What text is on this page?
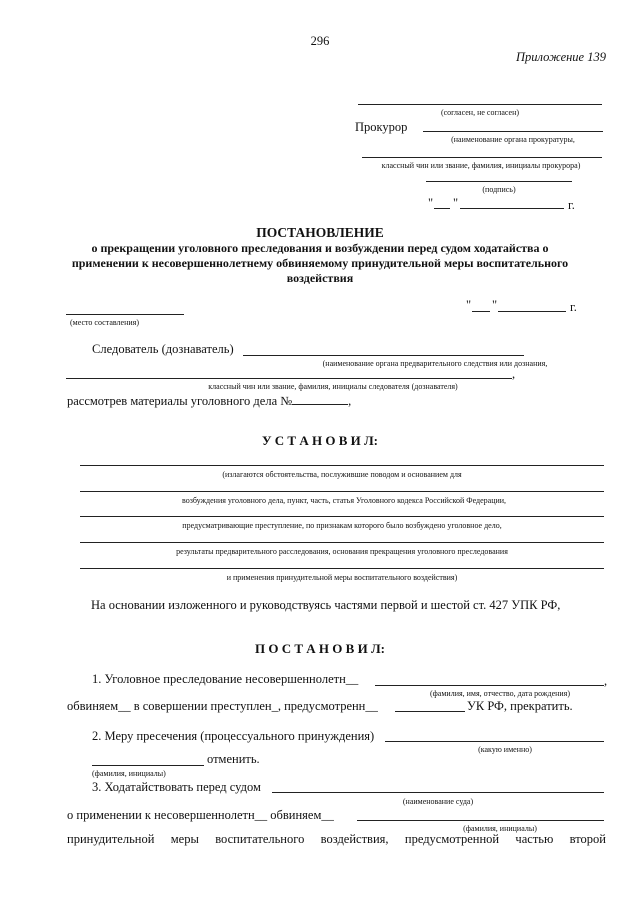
296
Приложение 139
(согласен, не согласен)
Прокурор
(наименование органа прокуратуры,
классный чин или звание, фамилия, инициалы прокурора)
(подпись)
" "	г.
ПОСТАНОВЛЕНИЕ
о прекращении уголовного преследования и возбуждении перед судом ходатайства о
применении к несовершеннолетнему обвиняемому принудительной меры воспитательного
воздействия
(место составления)
" "	г.
Следователь (дознаватель)
(наименование органа предварительного следствия или дознания,
,
классный чин или звание, фамилия, инициалы следователя (дознавателя)
рассмотрев материалы уголовного дела №	,
У С Т А Н О В И Л:
(излагаются обстоятельства, послужившие поводом и основанием для
возбуждения уголовного дела, пункт, часть, статья Уголовного кодекса Российской Федерации,
предусматривающие преступление, по признакам которого было возбуждено уголовное дело,
результаты предварительного расследования, основания прекращения уголовного преследования
и применения принудительной меры воспитательного воздействия)
На основании изложенного и руководствуясь частями первой и шестой ст. 427 УПК РФ,
П О С Т А Н О В И Л:
1. Уголовное преследование несовершеннолетн__	,
(фамилия, имя, отчество, дата рождения)
обвиняем__ в совершении преступлен_, предусмотренн__	УК РФ, прекратить.
2. Меру пресечения (процессуального принуждения)
(какую именно)
отменить.
(фамилия, инициалы)
3. Ходатайствовать перед судом
(наименование суда)
о применении к несовершеннолетн__ обвиняем__
(фамилия, инициалы)
принудительной меры воспитательного воздействия, предусмотренной частью второй
